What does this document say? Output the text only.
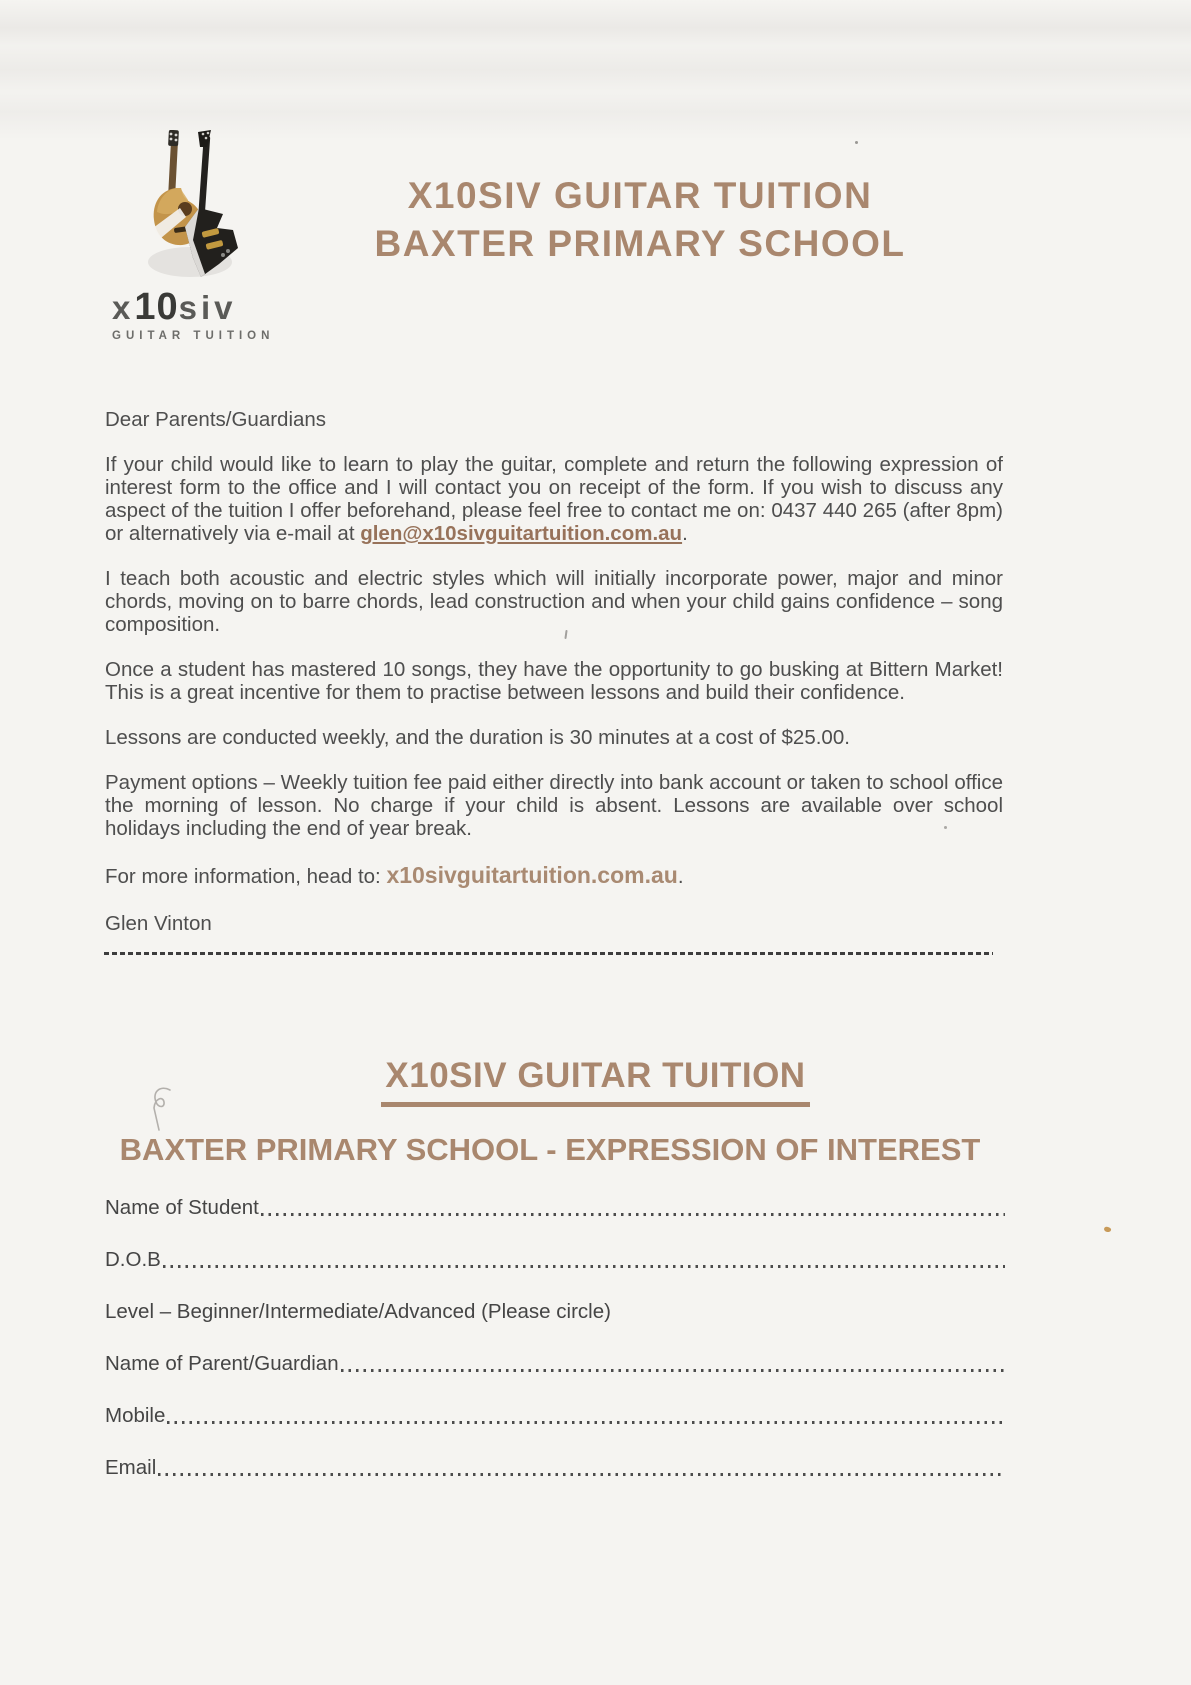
x10siv
GUITAR TUITION
X10SIV GUITAR TUITION
BAXTER PRIMARY SCHOOL

Dear Parents/Guardians

If your child would like to learn to play the guitar, complete and return the following expression of interest form to the office and I will contact you on receipt of the form. If you wish to discuss any aspect of the tuition I offer beforehand, please feel free to contact me on: 0437 440 265 (after 8pm) or alternatively via e-mail at glen@x10sivguitartuition.com.au.

I teach both acoustic and electric styles which will initially incorporate power, major and minor chords, moving on to barre chords, lead construction and when your child gains confidence – song composition.

Once a student has mastered 10 songs, they have the opportunity to go busking at Bittern Market! This is a great incentive for them to practise between lessons and build their confidence.

Lessons are conducted weekly, and the duration is 30 minutes at a cost of $25.00.

Payment options – Weekly tuition fee paid either directly into bank account or taken to school office the morning of lesson. No charge if your child is absent. Lessons are available over school holidays including the end of year break.

For more information, head to: x10sivguitartuition.com.au.

Glen Vinton

X10SIV GUITAR TUITION
BAXTER PRIMARY SCHOOL - EXPRESSION OF INTEREST
Name of Student
D.O.B
Level – Beginner/Intermediate/Advanced (Please circle)
Name of Parent/Guardian
Mobile
Email
